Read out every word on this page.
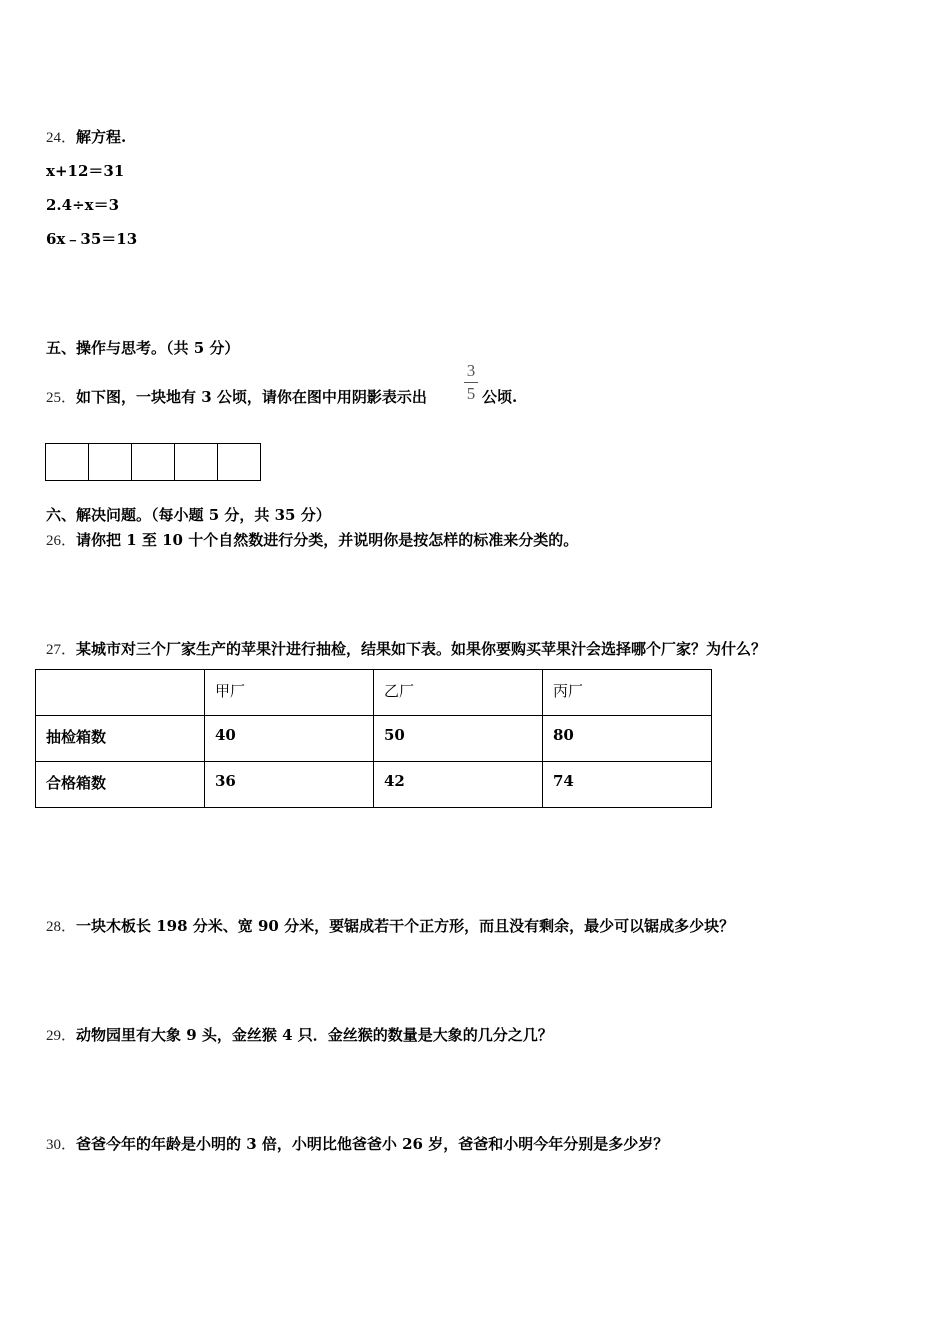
24．解方程.
x+12＝31
2.4÷x＝3
6x﹣35＝13
五、操作与思考。（共 5 分）
25．如下图，一块地有 3 公顷，请你在图中用阴影表示出
3
5 公顷.
六、解决问题。（每小题 5 分，共 35 分）
26．请你把 1 至 10 十个自然数进行分类，并说明你是按怎样的标准来分类的。
27．某城市对三个厂家生产的苹果汁进行抽检，结果如下表。如果你要购买苹果汁会选择哪个厂家？为什么？
	甲厂	乙厂	丙厂
抽检箱数	40	50	80
合格箱数	36	42	74
28．一块木板长 198 分米、宽 90 分米，要锯成若干个正方形，而且没有剩余，最少可以锯成多少块？
29．动物园里有大象 9 头，金丝猴 4 只．金丝猴的数量是大象的几分之几？
30．爸爸今年的年龄是小明的 3 倍，小明比他爸爸小 26 岁，爸爸和小明今年分别是多少岁？
